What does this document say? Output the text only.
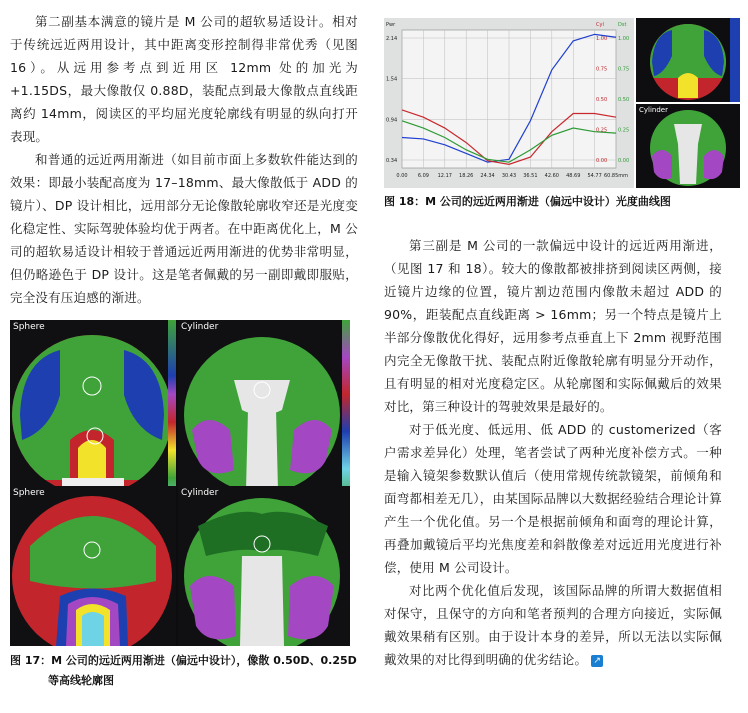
第二副基本满意的镜片是 M 公司的超软易适设计。相对于传统远近两用设计，其中距离变形控制得非常优秀（见图16）。从远用参考点到近用区 12mm 处的加光为 +1.15DS，最大像散仅 0.88D，装配点到最大像散点直线距离约 14mm，阅读区的平均屈光度轮廓线有明显的纵向打开表现。

和普通的远近两用渐进（如目前市面上多数软件能达到的效果：即最小装配高度为 17–18mm、最大像散低于 ADD 的镜片）、DP 设计相比，远用部分无论像散轮廓收窄还是光度变化稳定性、实际驾驶体验均优于两者。在中距离优化上，M 公司的超软易适设计相较于普通远近两用渐进的优势非常明显，但仍略逊色于 DP 设计。这是笔者佩戴的另一副即戴即服贴，完全没有压迫感的渐进。

Sphere	Cylinder
Sphere	Cylinder
图 17：M 公司的远近两用渐进（偏远中设计），像散 0.50D、0.25D
等高线轮廓图
0.00 6.09 12.17 18.26 24.34 30.43 36.51 42.60 48.69 54.77 60.85mm
2.14
1.54
0.94
0.34
1.00 1.00
0.75 0.75
0.50 0.50
0.25 0.25
0.00 0.00
Pwr	Cyl	Dst
Cylinder
图 18：M 公司的远近两用渐进（偏远中设计）光度曲线图

第三副是 M 公司的一款偏远中设计的远近两用渐进，（见图 17 和 18）。较大的像散都被排挤到阅读区两侧，接近镜片边缘的位置，镜片割边范围内像散未超过 ADD 的 90%，距装配点直线距离 > 16mm；另一个特点是镜片上半部分像散优化得好，远用参考点垂直上下 2mm 视野范围内完全无像散干扰、装配点附近像散轮廓有明显分开动作，且有明显的相对光度稳定区。从轮廓图和实际佩戴后的效果对比，第三种设计的驾驶效果是最好的。

对于低光度、低远用、低 ADD 的 customerized（客户需求差异化）处理，笔者尝试了两种光度补偿方式。一种是输入镜架参数默认值后（使用常规传统款镜架，前倾角和面弯都相差无几），由某国际品牌以大数据经验结合理论计算产生一个优化值。另一个是根据前倾角和面弯的理论计算，再叠加戴镜后平均光焦度差和斜散像差对远近用光度进行补偿，使用 M 公司设计。

对比两个优化值后发现，该国际品牌的所谓大数据值相对保守，且保守的方向和笔者预判的合理方向接近，实际佩戴效果稍有区别。由于设计本身的差异，所以无法以实际佩戴效果的对比得到明确的优劣结论。 ↗
